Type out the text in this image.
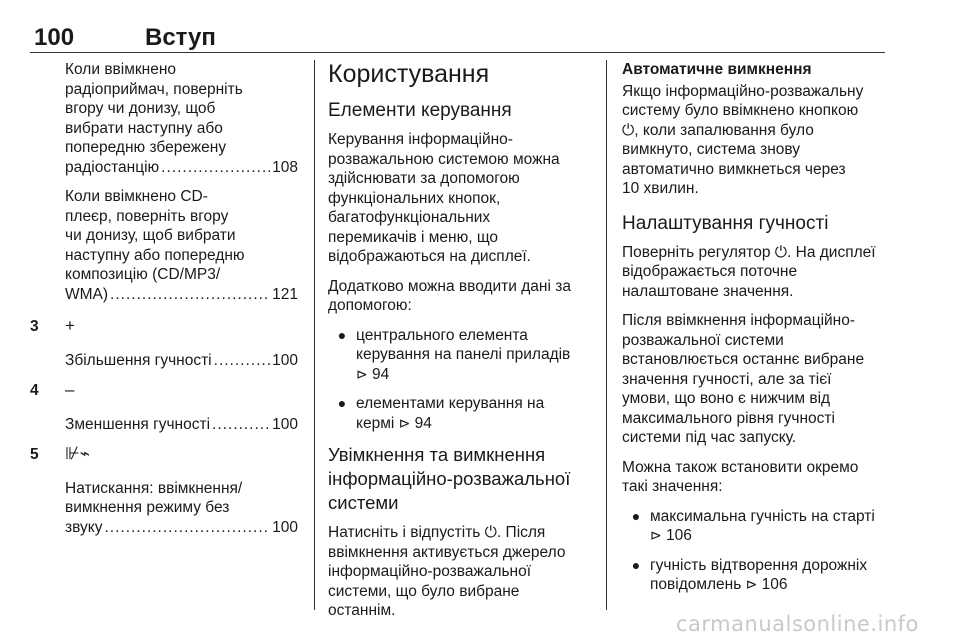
100	Вступ
Коли ввімкнено
радіоприймач, поверніть
вгору чи донизу, щоб
вибрати наступну або
попередню збережену
радіостанцію .....	108
Коли ввімкнено CD-
плеєр, поверніть вгору
чи донизу, щоб вибрати
наступну або попередню
композицію (CD/MP3/
WMA) .....	121
3	+
Збільшення гучності .....	100
4	–
Зменшення гучності .....	100
5	⊮⌁
Натискання: ввімкнення/
вимкнення режиму без
звуку .....	100
Користування
Елементи керування

Керування інформаційно-
розважальною системою можна
здійснювати за допомогою
функціональних кнопок,
багатофункціональних
перемикачів і меню, що
відображаються на дисплеї.

Додатково можна вводити дані за
допомогою:

● центрального елемента
керування на панелі приладів
⊳ 94
● елементами керування на
кермі ⊳ 94
Увімкнення та вимкнення
інформаційно-розважальної
системи

Натисніть і відпустіть ⏻. Після
ввімкнення активується джерело
інформаційно-розважальної
системи, що було вибране
останнім.

Автоматичне вимкнення

Якщо інформаційно-розважальну
систему було ввімкнено кнопкою
⏻, коли запалювання було
вимкнуто, система знову
автоматично вимкнеться через
10 хвилин.

Налаштування гучності

Поверніть регулятор ⏻. На дисплеї
відображається поточне
налаштоване значення.

Після ввімкнення інформаційно-
розважальної системи
встановлюється останнє вибране
значення гучності, але за тієї
умови, що воно є нижчим від
максимального рівня гучності
системи під час запуску.

Можна також встановити окремо
такі значення:

● максимальна гучність на старті
⊳ 106
● гучність відтворення дорожніх
повідомлень ⊳ 106
carmanualsonline.info
